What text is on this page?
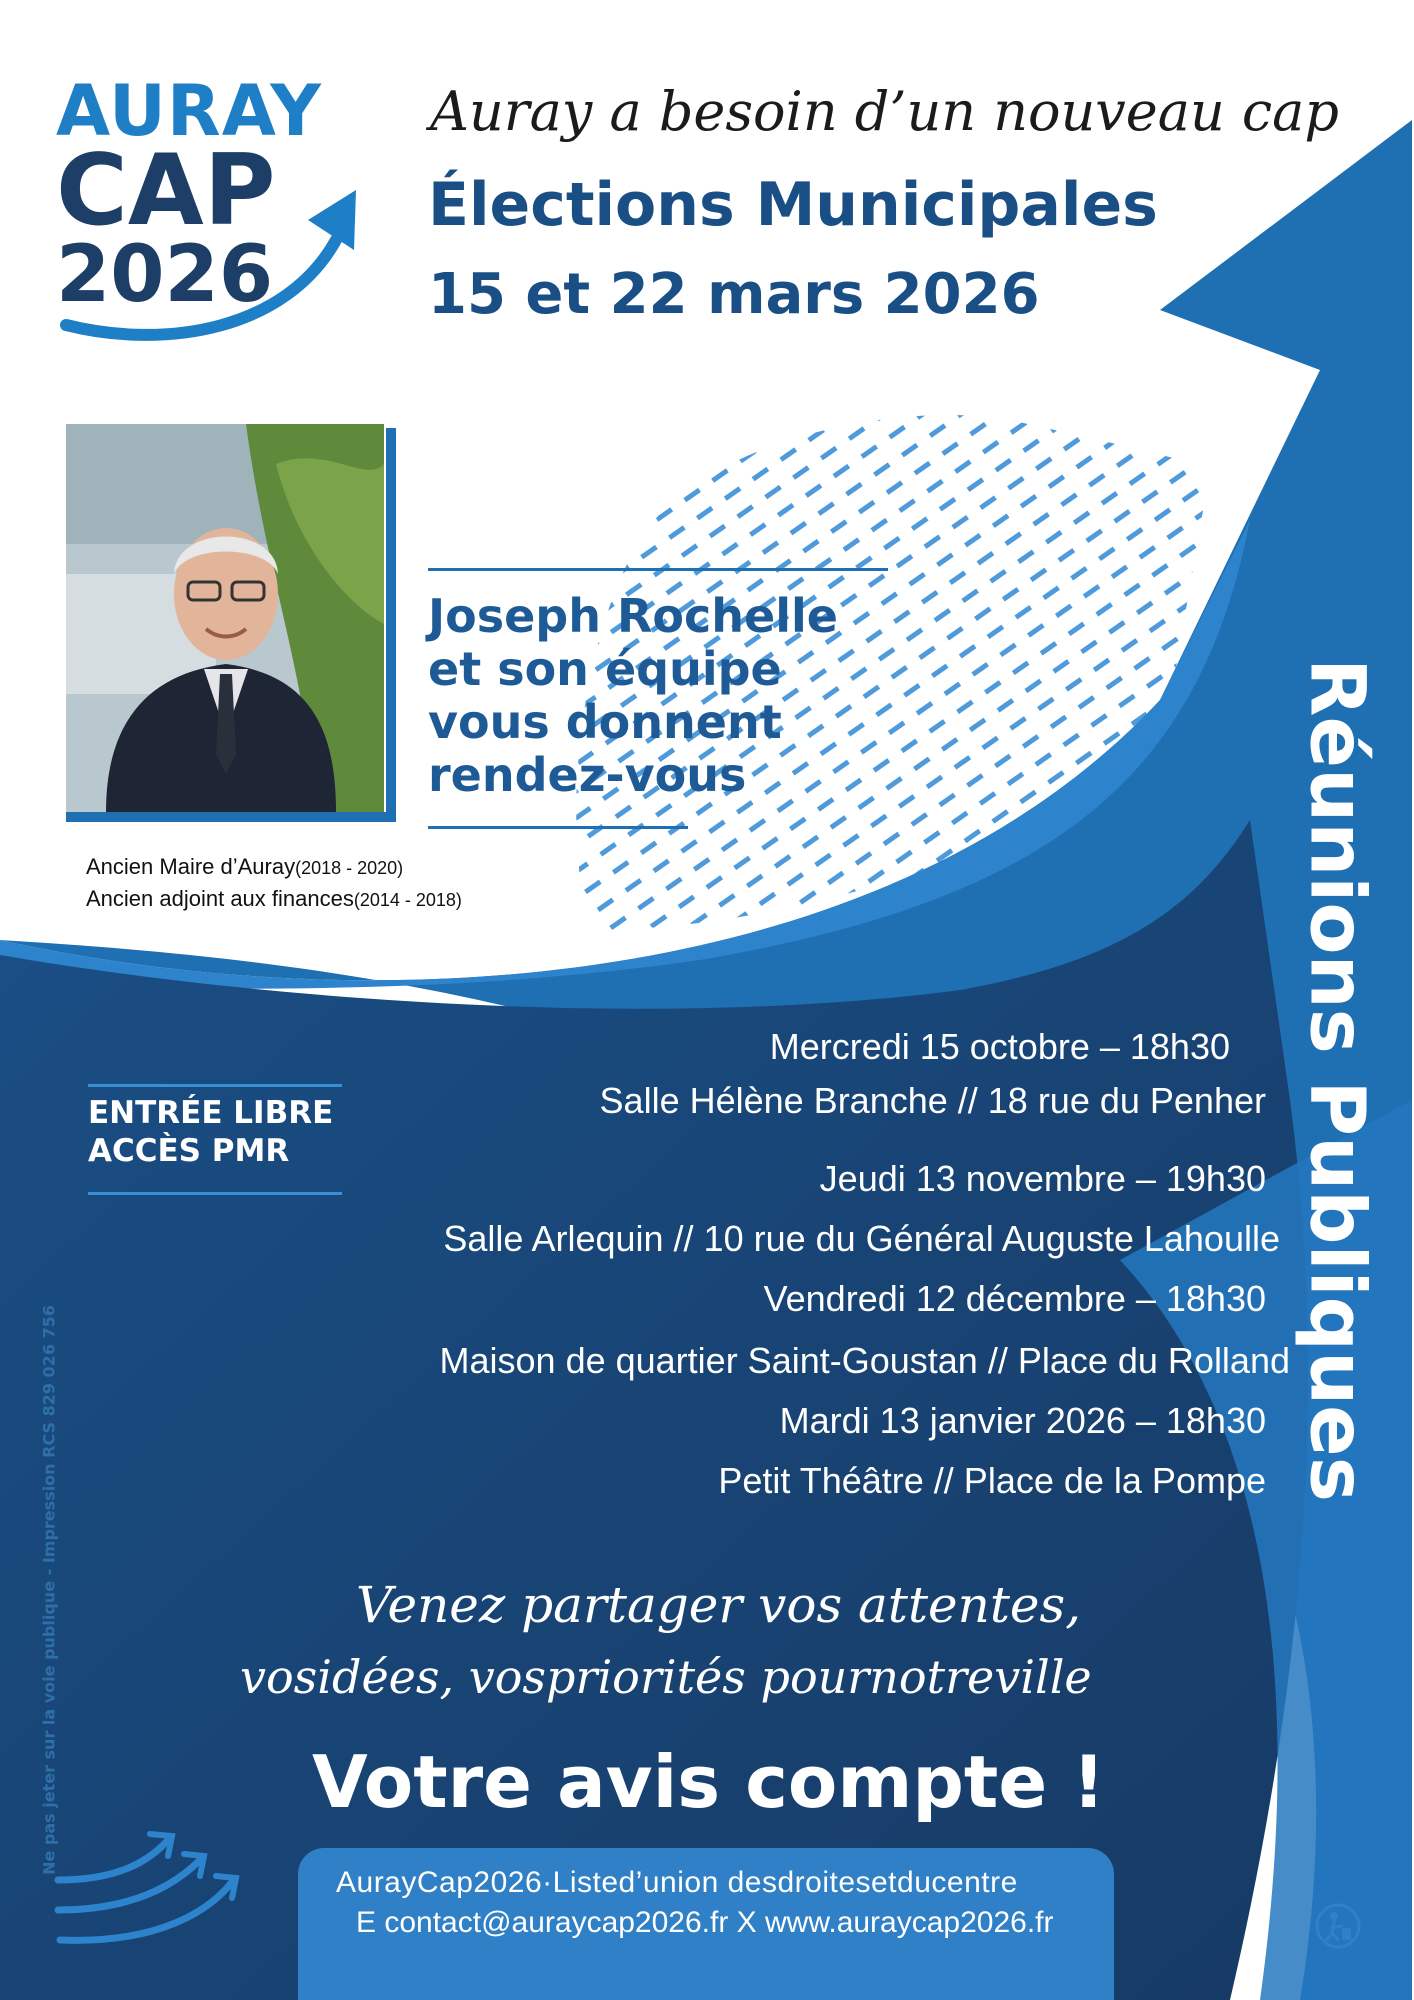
AURAY
CAP
2026
Auray a besoin d’un nouveau cap
Élections Municipales
15 et 22 mars 2026
Joseph Rochelle
et son équipe
vous donnent
rendez-vous
Ancien Maire d’Auray(2018 - 2020)
Ancien adjoint aux finances(2014 - 2018)
ENTRÉE LIBRE
ACCÈS PMR	Réunions Publiques
Mercredi 15 octobre – 18h30
Salle Hélène Branche // 18 rue du Penher
Jeudi 13 novembre – 19h30
Salle Arlequin // 10 rue du Général Auguste Lahoulle
Vendredi 12 décembre – 18h30
Maison de quartier Saint-Goustan // Place du Rolland
Mardi 13 janvier 2026 – 18h30
Petit Théâtre // Place de la Pompe
Venez partager vos attentes,
vosidées, vospriorités pournotreville
Votre avis compte !
AurayCap2026·Listed’union desdroitesetducentre
E contact@auraycap2026.fr X www.auraycap2026.fr
Ne pas jeter sur la voie publique - Impression RCS 829 026 756
